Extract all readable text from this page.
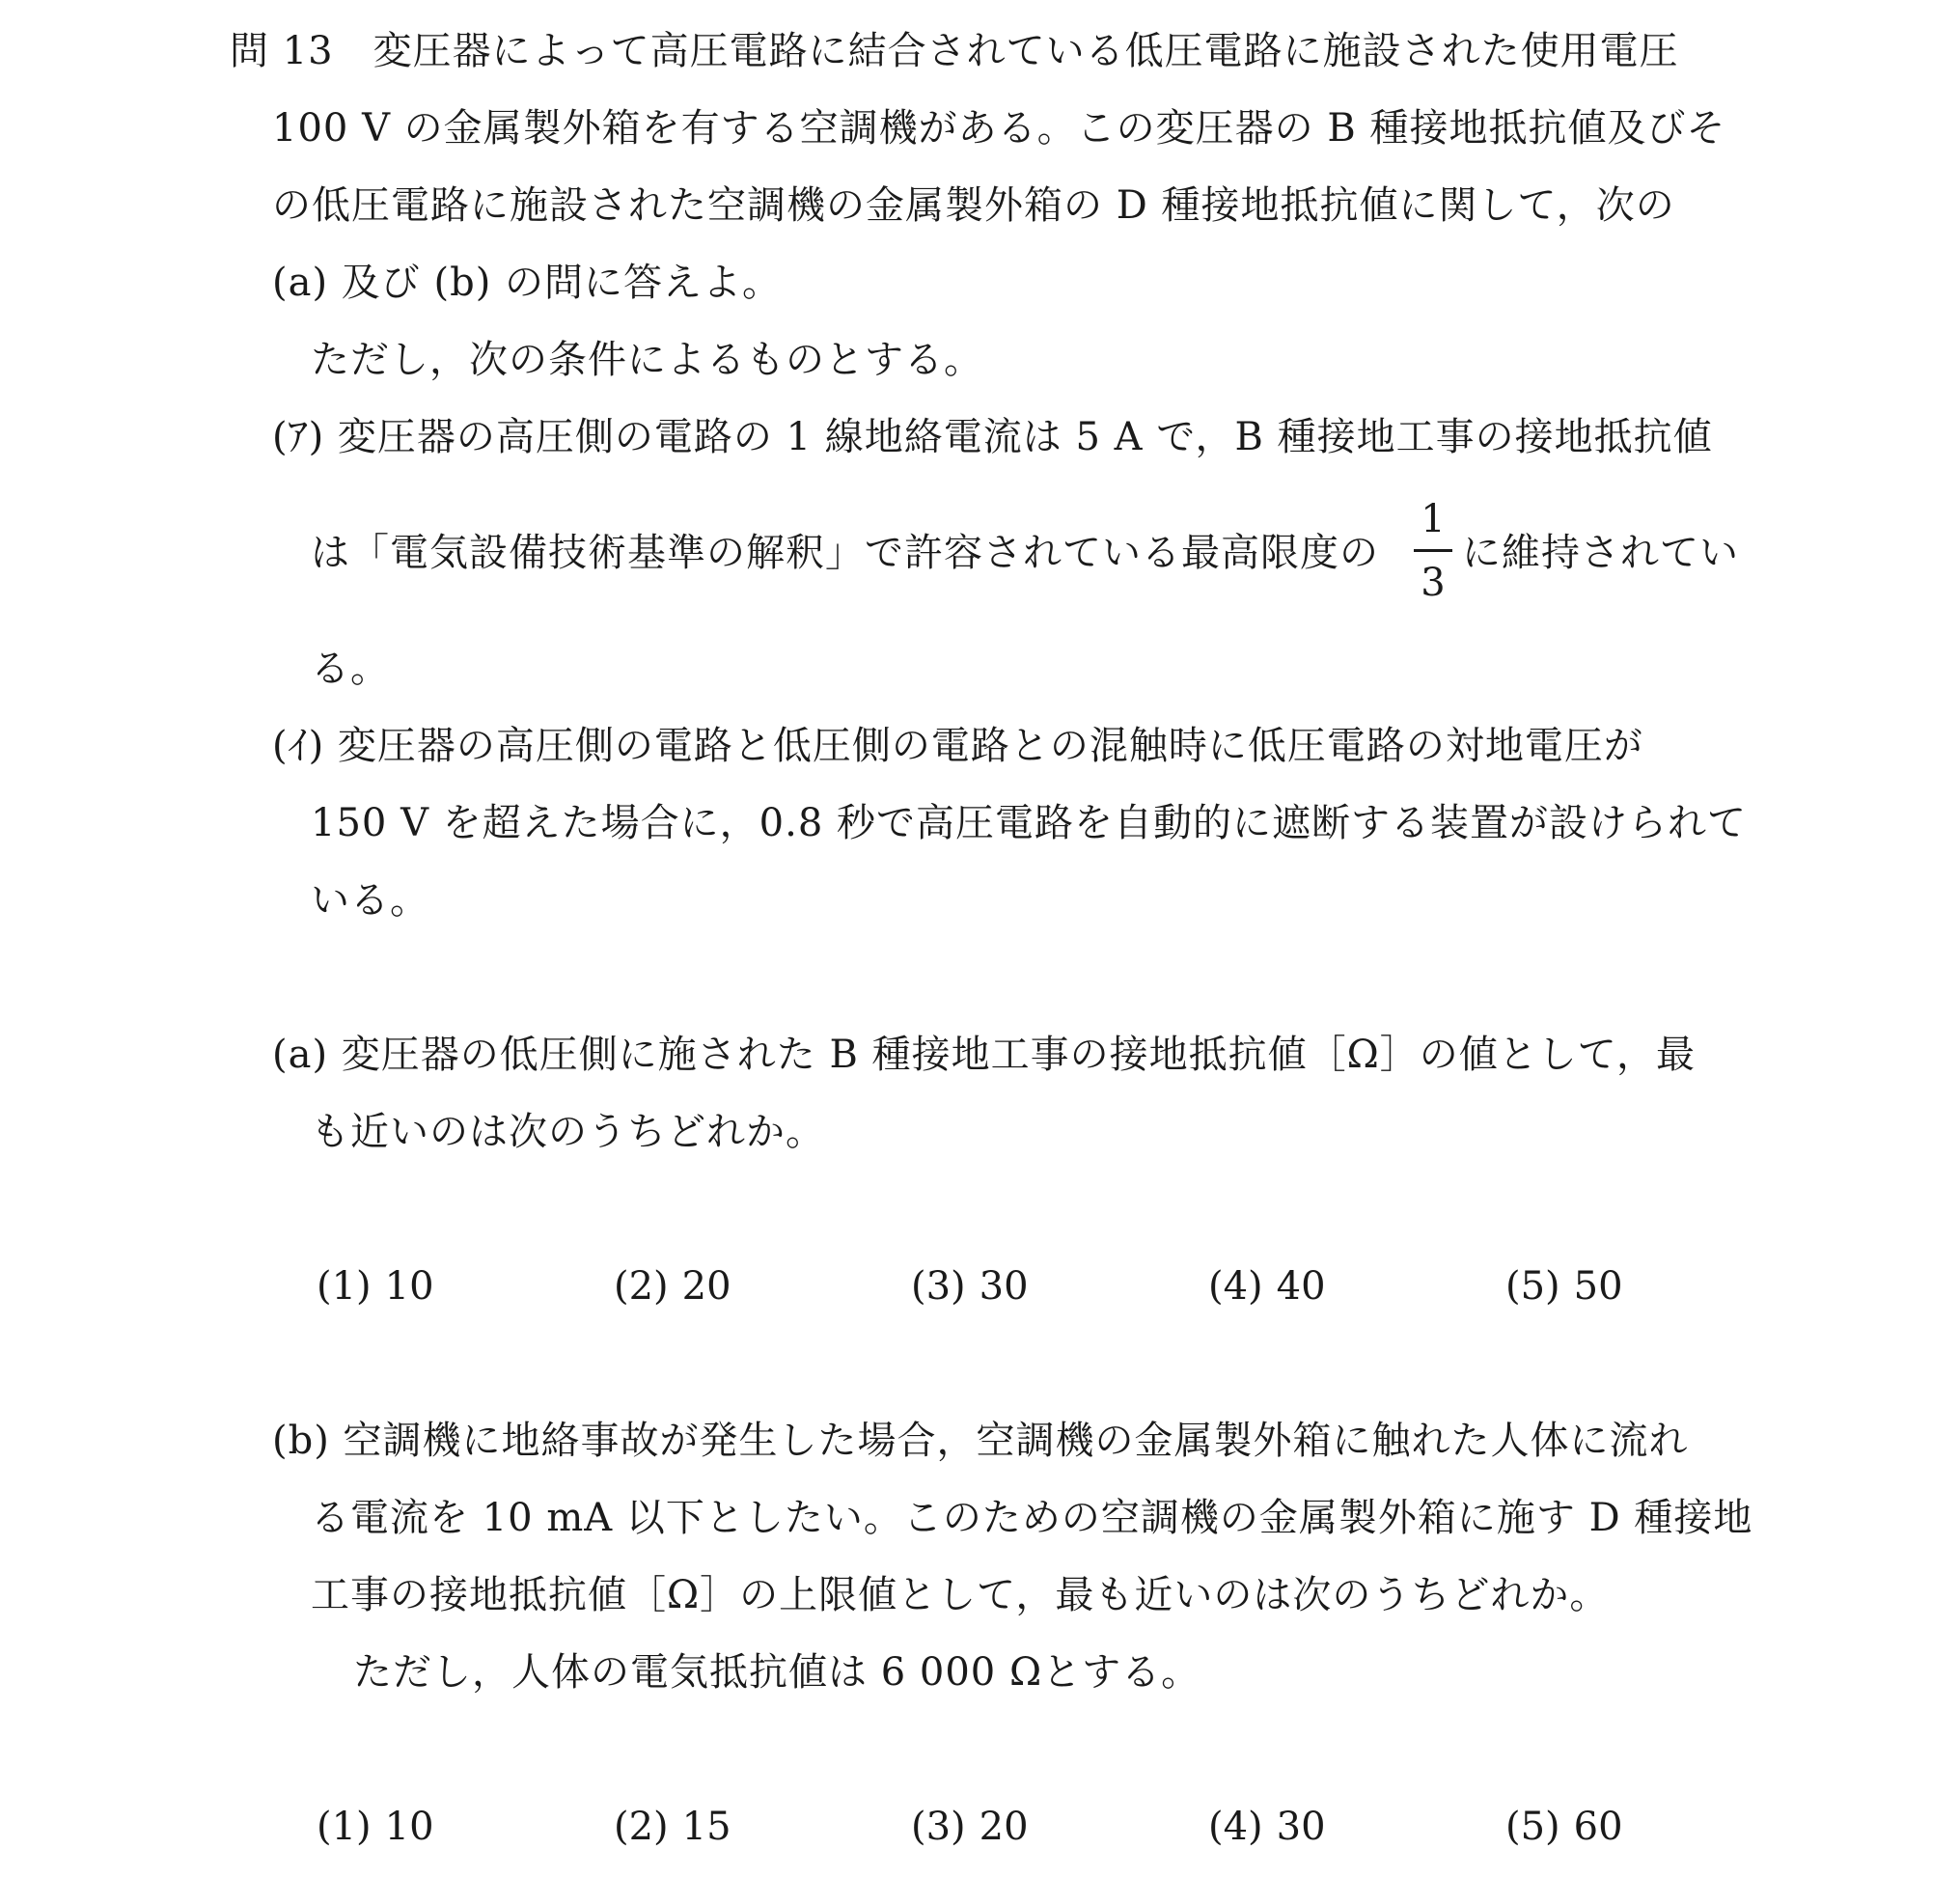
問 13　変圧器によって高圧電路に結合されている低圧電路に施設された使用電圧
100 V の金属製外箱を有する空調機がある。この変圧器の B 種接地抵抗値及びそ
の低圧電路に施設された空調機の金属製外箱の D 種接地抵抗値に関して，次の
(a) 及び (b) の問に答えよ。
ただし，次の条件によるものとする。
(ｱ) 変圧器の高圧側の電路の 1 線地絡電流は 5 A で，B 種接地工事の接地抵抗値
は「電気設備技術基準の解釈」で許容されている最高限度の
1
3
に維持されてい
る。
(ｲ) 変圧器の高圧側の電路と低圧側の電路との混触時に低圧電路の対地電圧が
150 V を超えた場合に，0.8 秒で高圧電路を自動的に遮断する装置が設けられて
いる。
(a) 変圧器の低圧側に施された B 種接地工事の接地抵抗値［Ω］の値として，最
も近いのは次のうちどれか。
(1) 10	(2) 20	(3) 30	(4) 40	(5) 50
(b) 空調機に地絡事故が発生した場合，空調機の金属製外箱に触れた人体に流れ
る電流を 10 mA 以下としたい。このための空調機の金属製外箱に施す D 種接地
工事の接地抵抗値［Ω］の上限値として，最も近いのは次のうちどれか。
ただし，人体の電気抵抗値は 6 000 Ωとする。
(1) 10	(2) 15	(3) 20	(4) 30	(5) 60
